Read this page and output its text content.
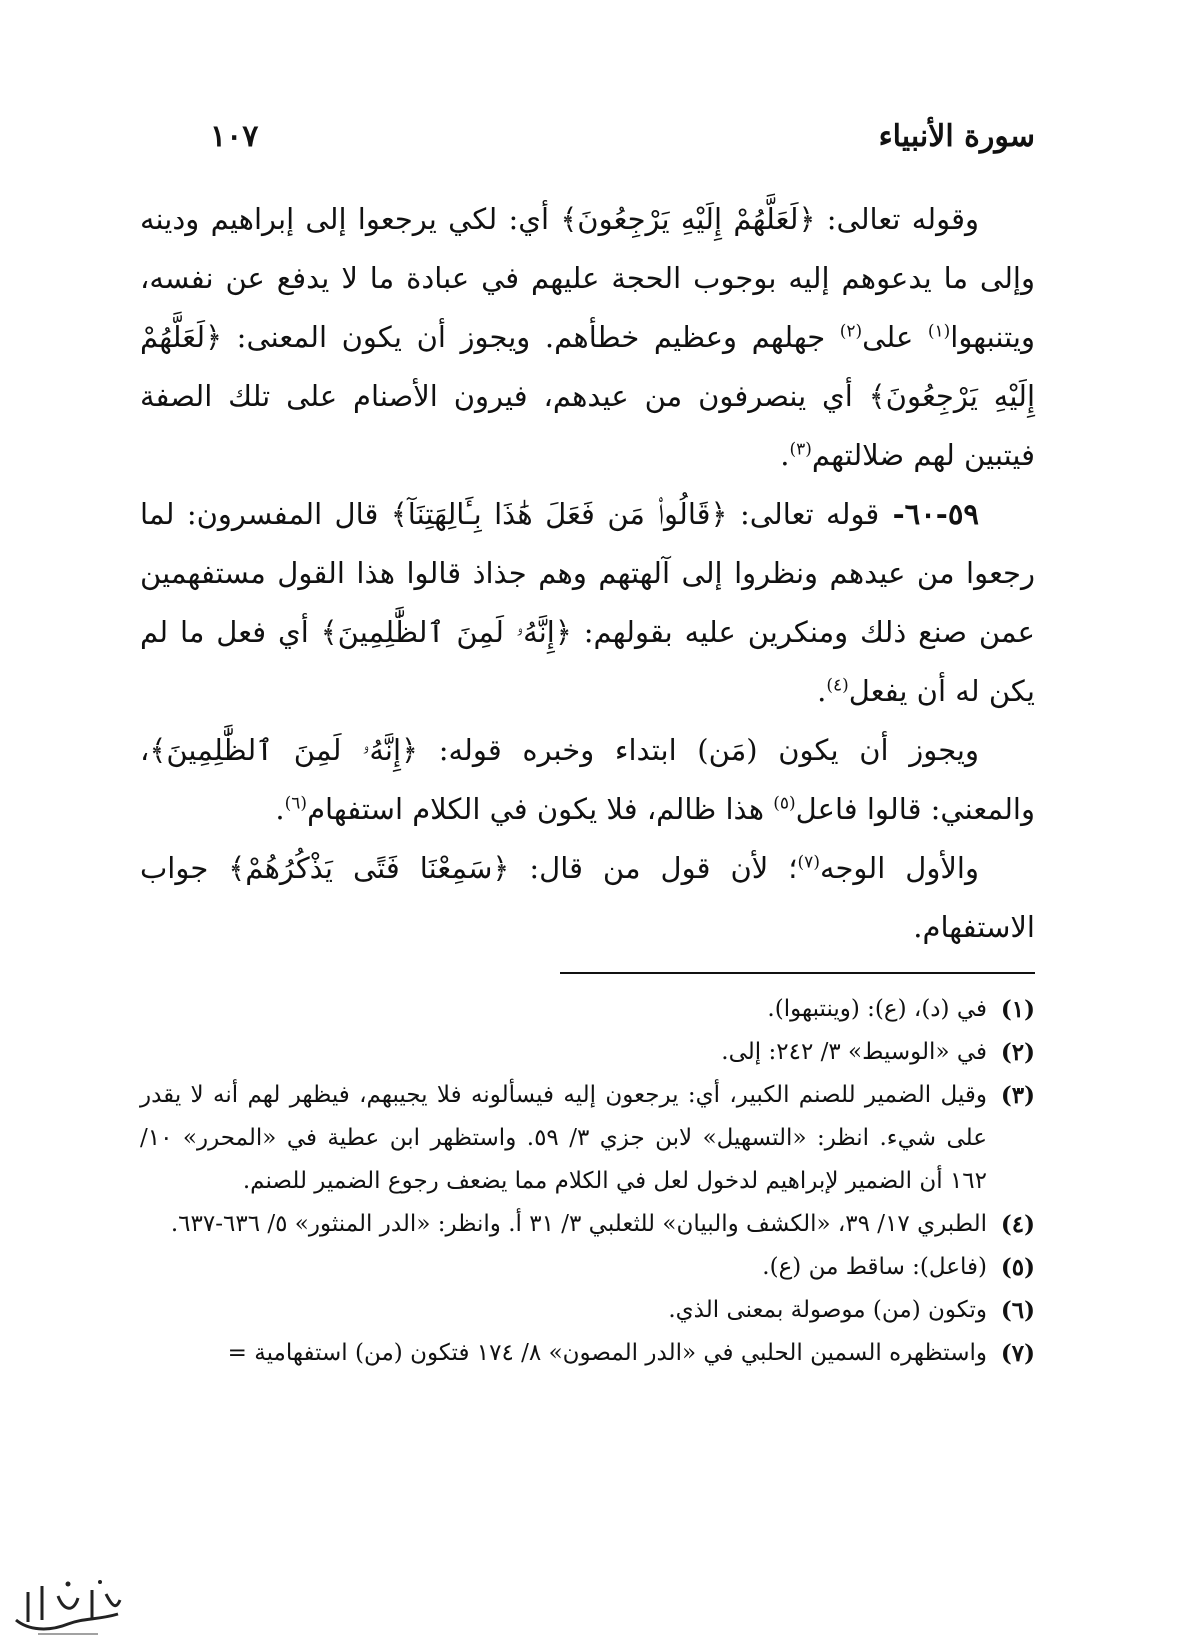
سورة الأنبياء
١٠٧

وقوله تعالى: ﴿لَعَلَّهُمْ إِلَيْهِ يَرْجِعُونَ﴾ أي: لكي يرجعوا إلى إبراهيم ودينه وإلى ما يدعوهم إليه بوجوب الحجة عليهم في عبادة ما لا يدفع عن نفسه، ويتنبهوا$^{(١)}$ على$^{(٢)}$ جهلهم وعظيم خطأهم. ويجوز أن يكون المعنى: ﴿لَعَلَّهُمْ إِلَيْهِ يَرْجِعُونَ﴾ أي ينصرفون من عيدهم، فيرون الأصنام على تلك الصفة فيتبين لهم ضلالتهم$^{(٣)}$.

٥٩-٦٠- قوله تعالى: ﴿قَالُوا۟ مَن فَعَلَ هَٰذَا بِـَٔالِهَتِنَآ﴾ قال المفسرون: لما رجعوا من عيدهم ونظروا إلى آلهتهم وهم جذاذ قالوا هذا القول مستفهمين عمن صنع ذلك ومنكرين عليه بقولهم: ﴿إِنَّهُۥ لَمِنَ ٱلظَّٰلِمِينَ﴾ أي فعل ما لم يكن له أن يفعل$^{(٤)}$.

ويجوز أن يكون (مَن) ابتداء وخبره قوله: ﴿إِنَّهُۥ لَمِنَ ٱلظَّٰلِمِينَ﴾، والمعني: قالوا فاعل$^{(٥)}$ هذا ظالم، فلا يكون في الكلام استفهام$^{(٦)}$.

والأول الوجه$^{(٧)}$؛ لأن قول من قال: ﴿سَمِعْنَا فَتًى يَذْكُرُهُمْ﴾ جواب الاستفهام.

(١)
في (د)، (ع): (وينتبهوا).
(٢)
في «الوسيط» ٣/ ٢٤٢: إلى.
(٣)
وقيل الضمير للصنم الكبير، أي: يرجعون إليه فيسألونه فلا يجيبهم، فيظهر لهم أنه لا يقدر على شيء. انظر: «التسهيل» لابن جزي ٣/ ٥٩. واستظهر ابن عطية في «المحرر» ١٠/ ١٦٢ أن الضمير لإبراهيم لدخول لعل في الكلام مما يضعف رجوع الضمير للصنم.
(٤)
الطبري ١٧/ ٣٩، «الكشف والبيان» للثعلبي ٣/ ٣١ أ. وانظر: «الدر المنثور» ٥/ ٦٣٦-٦٣٧.
(٥)
(فاعل): ساقط من (ع).
(٦)
وتكون (من) موصولة بمعنى الذي.
(٧)
واستظهره السمين الحلبي في «الدر المصون» ٨/ ١٧٤ فتكون (من) استفهامية =
